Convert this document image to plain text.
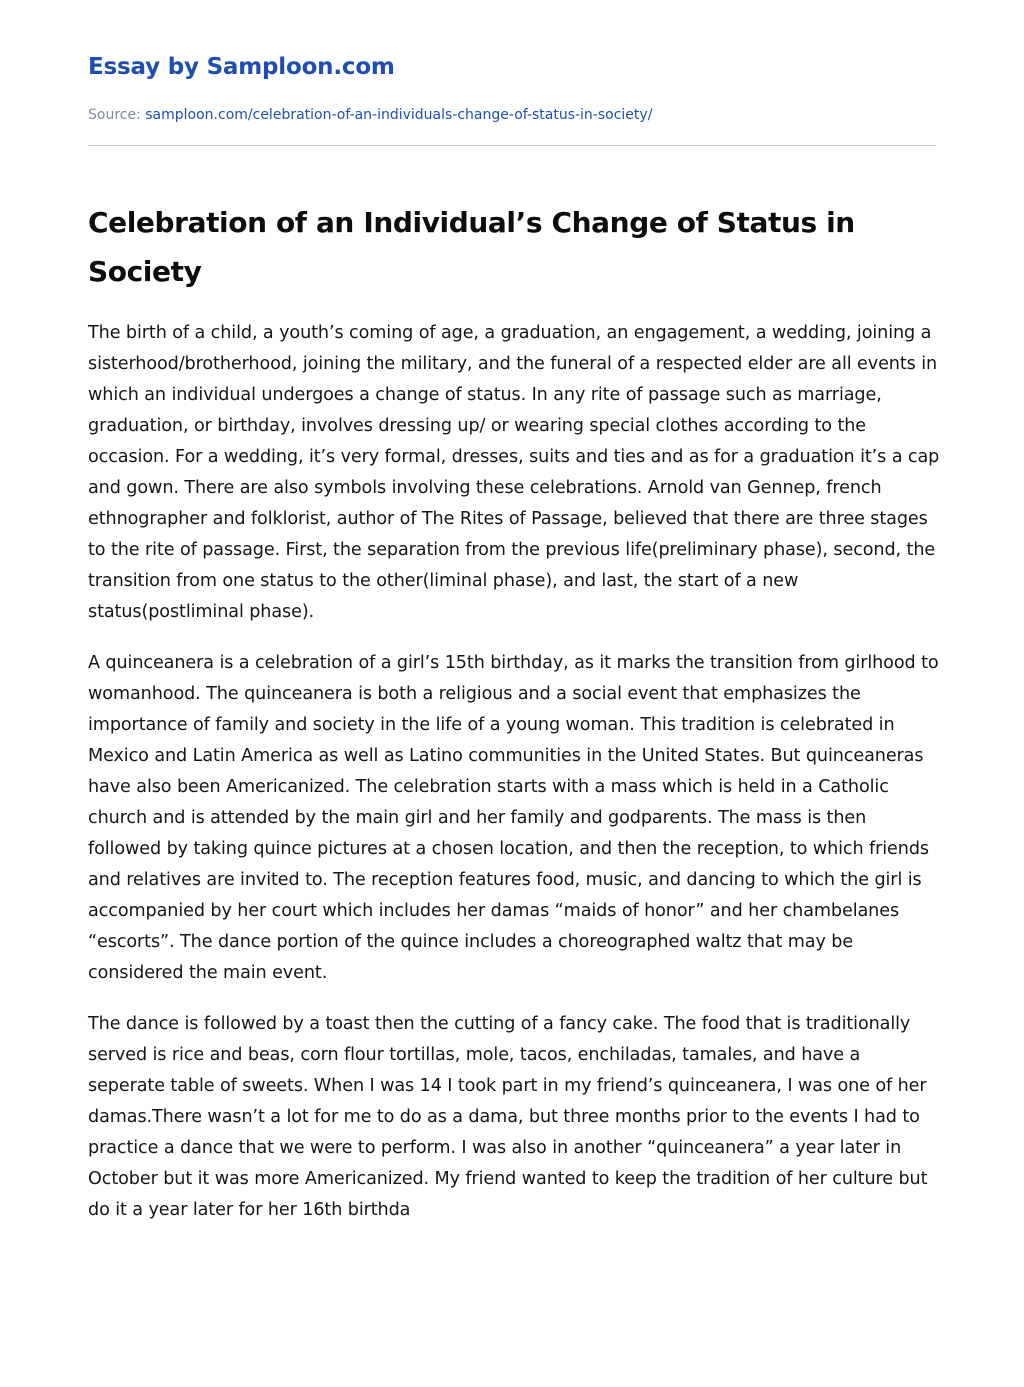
Essay by Samploon.com
Source: samploon.com/celebration-of-an-individuals-change-of-status-in-society/
Celebration of an Individual’s Change of Status in Society

The birth of a child, a youth’s coming of age, a graduation, an engagement, a wedding, joining a sisterhood/brotherhood, joining the military, and the funeral of a respected elder are all events in which an individual undergoes a change of status. In any rite of passage such as marriage, graduation, or birthday, involves dressing up/ or wearing special clothes according to the occasion. For a wedding, it’s very formal, dresses, suits and ties and as for a graduation it’s a cap and gown. There are also symbols involving these celebrations. Arnold van Gennep, french ethnographer and folklorist, author of The Rites of Passage, believed that there are three stages to the rite of passage. First, the separation from the previous life(preliminary phase), second, the transition from one status to the other(liminal phase), and last, the start of a new status(postliminal phase).

A quinceanera is a celebration of a girl’s 15th birthday, as it marks the transition from girlhood to womanhood. The quinceanera is both a religious and a social event that emphasizes the importance of family and society in the life of a young woman. This tradition is celebrated in Mexico and Latin America as well as Latino communities in the United States. But quinceaneras have also been Americanized. The celebration starts with a mass which is held in a Catholic church and is attended by the main girl and her family and godparents. The mass is then followed by taking quince pictures at a chosen location, and then the reception, to which friends and relatives are invited to. The reception features food, music, and dancing to which the girl is accompanied by her court which includes her damas “maids of honor” and her chambelanes “escorts”. The dance portion of the quince includes a choreographed waltz that may be considered the main event.

The dance is followed by a toast then the cutting of a fancy cake. The food that is traditionally served is rice and beas, corn flour tortillas, mole, tacos, enchiladas, tamales, and have a seperate table of sweets. When I was 14 I took part in my friend’s quinceanera, I was one of her damas.There wasn’t a lot for me to do as a dama, but three months prior to the events I had to practice a dance that we were to perform. I was also in another “quinceanera” a year later in October but it was more Americanized. My friend wanted to keep the tradition of her culture but do it a year later for her 16th birthda
